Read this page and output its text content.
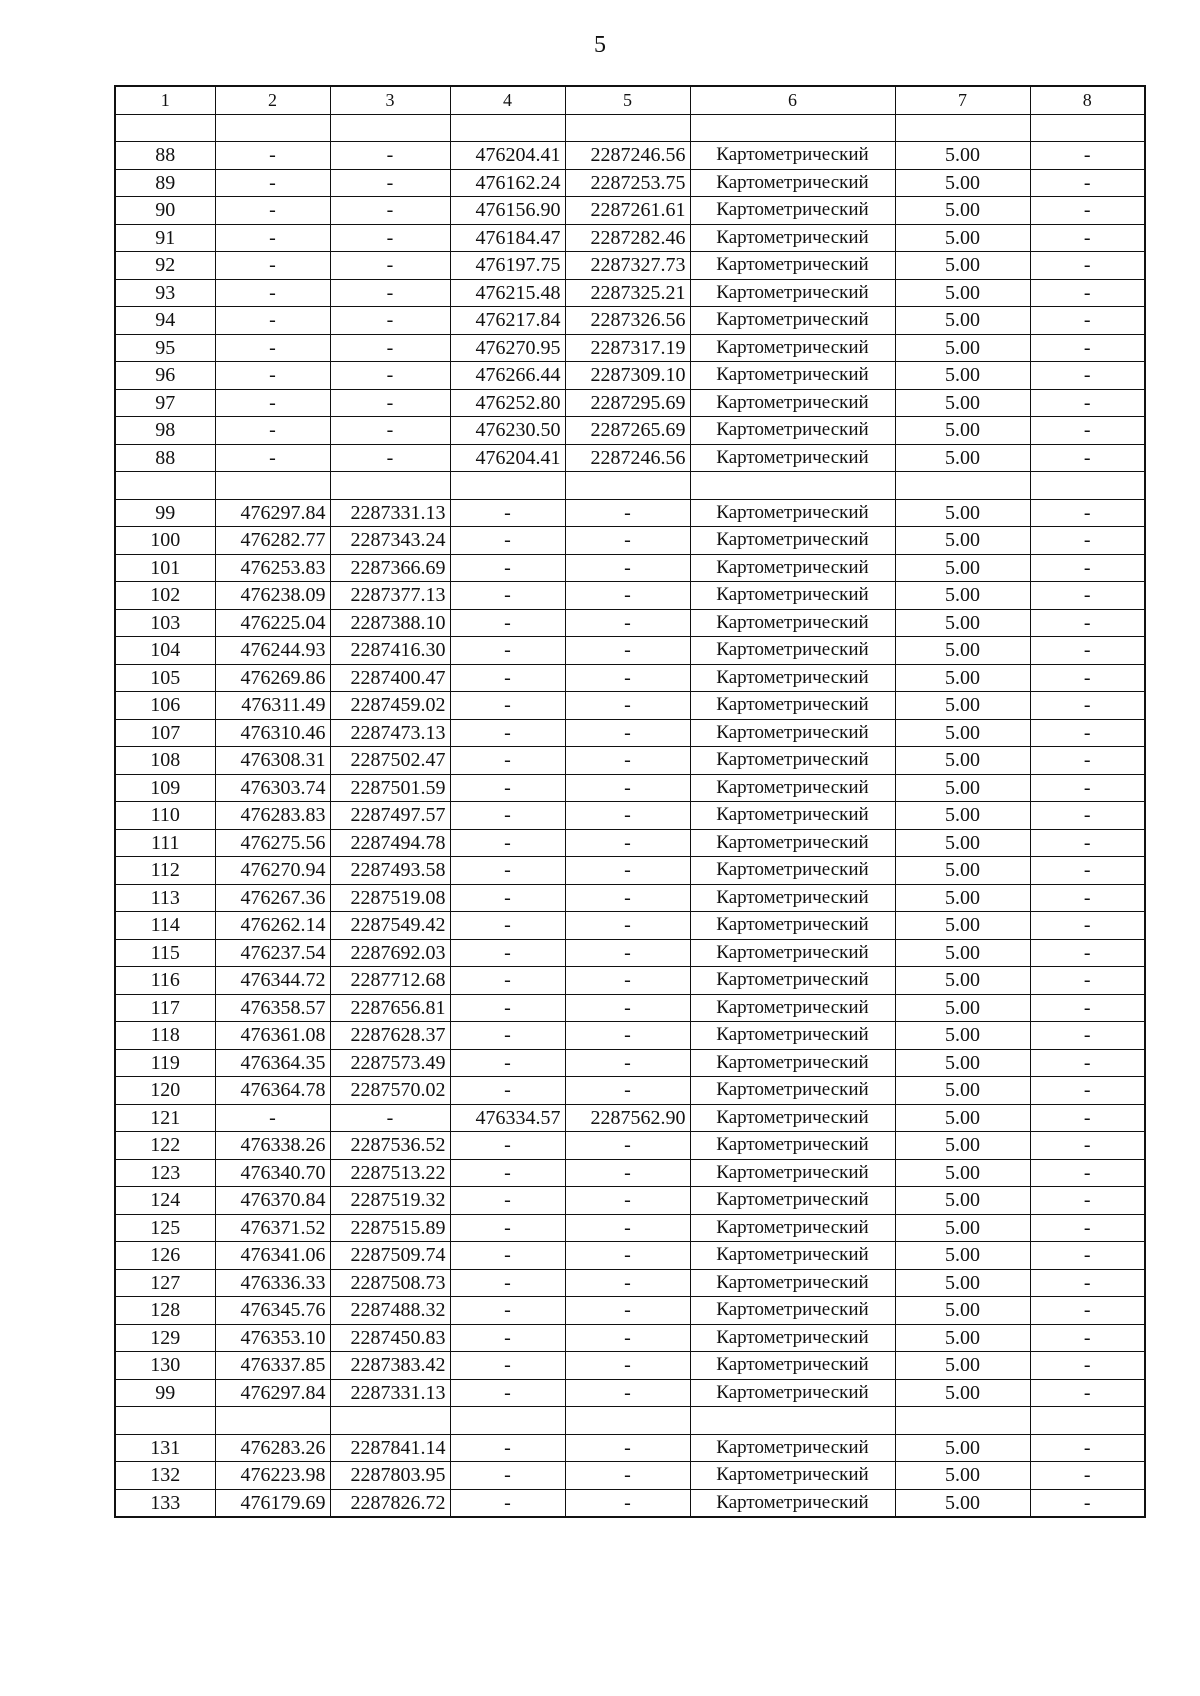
5
1	2	3	4	5	6	7	8

88	-	-	476204.41	2287246.56	Картометрический	5.00	-
89	-	-	476162.24	2287253.75	Картометрический	5.00	-
90	-	-	476156.90	2287261.61	Картометрический	5.00	-
91	-	-	476184.47	2287282.46	Картометрический	5.00	-
92	-	-	476197.75	2287327.73	Картометрический	5.00	-
93	-	-	476215.48	2287325.21	Картометрический	5.00	-
94	-	-	476217.84	2287326.56	Картометрический	5.00	-
95	-	-	476270.95	2287317.19	Картометрический	5.00	-
96	-	-	476266.44	2287309.10	Картометрический	5.00	-
97	-	-	476252.80	2287295.69	Картометрический	5.00	-
98	-	-	476230.50	2287265.69	Картометрический	5.00	-
88	-	-	476204.41	2287246.56	Картометрический	5.00	-

99	476297.84	2287331.13	-	-	Картометрический	5.00	-
100	476282.77	2287343.24	-	-	Картометрический	5.00	-
101	476253.83	2287366.69	-	-	Картометрический	5.00	-
102	476238.09	2287377.13	-	-	Картометрический	5.00	-
103	476225.04	2287388.10	-	-	Картометрический	5.00	-
104	476244.93	2287416.30	-	-	Картометрический	5.00	-
105	476269.86	2287400.47	-	-	Картометрический	5.00	-
106	476311.49	2287459.02	-	-	Картометрический	5.00	-
107	476310.46	2287473.13	-	-	Картометрический	5.00	-
108	476308.31	2287502.47	-	-	Картометрический	5.00	-
109	476303.74	2287501.59	-	-	Картометрический	5.00	-
110	476283.83	2287497.57	-	-	Картометрический	5.00	-
111	476275.56	2287494.78	-	-	Картометрический	5.00	-
112	476270.94	2287493.58	-	-	Картометрический	5.00	-
113	476267.36	2287519.08	-	-	Картометрический	5.00	-
114	476262.14	2287549.42	-	-	Картометрический	5.00	-
115	476237.54	2287692.03	-	-	Картометрический	5.00	-
116	476344.72	2287712.68	-	-	Картометрический	5.00	-
117	476358.57	2287656.81	-	-	Картометрический	5.00	-
118	476361.08	2287628.37	-	-	Картометрический	5.00	-
119	476364.35	2287573.49	-	-	Картометрический	5.00	-
120	476364.78	2287570.02	-	-	Картометрический	5.00	-
121	-	-	476334.57	2287562.90	Картометрический	5.00	-
122	476338.26	2287536.52	-	-	Картометрический	5.00	-
123	476340.70	2287513.22	-	-	Картометрический	5.00	-
124	476370.84	2287519.32	-	-	Картометрический	5.00	-
125	476371.52	2287515.89	-	-	Картометрический	5.00	-
126	476341.06	2287509.74	-	-	Картометрический	5.00	-
127	476336.33	2287508.73	-	-	Картометрический	5.00	-
128	476345.76	2287488.32	-	-	Картометрический	5.00	-
129	476353.10	2287450.83	-	-	Картометрический	5.00	-
130	476337.85	2287383.42	-	-	Картометрический	5.00	-
99	476297.84	2287331.13	-	-	Картометрический	5.00	-

131	476283.26	2287841.14	-	-	Картометрический	5.00	-
132	476223.98	2287803.95	-	-	Картометрический	5.00	-
133	476179.69	2287826.72	-	-	Картометрический	5.00	-
